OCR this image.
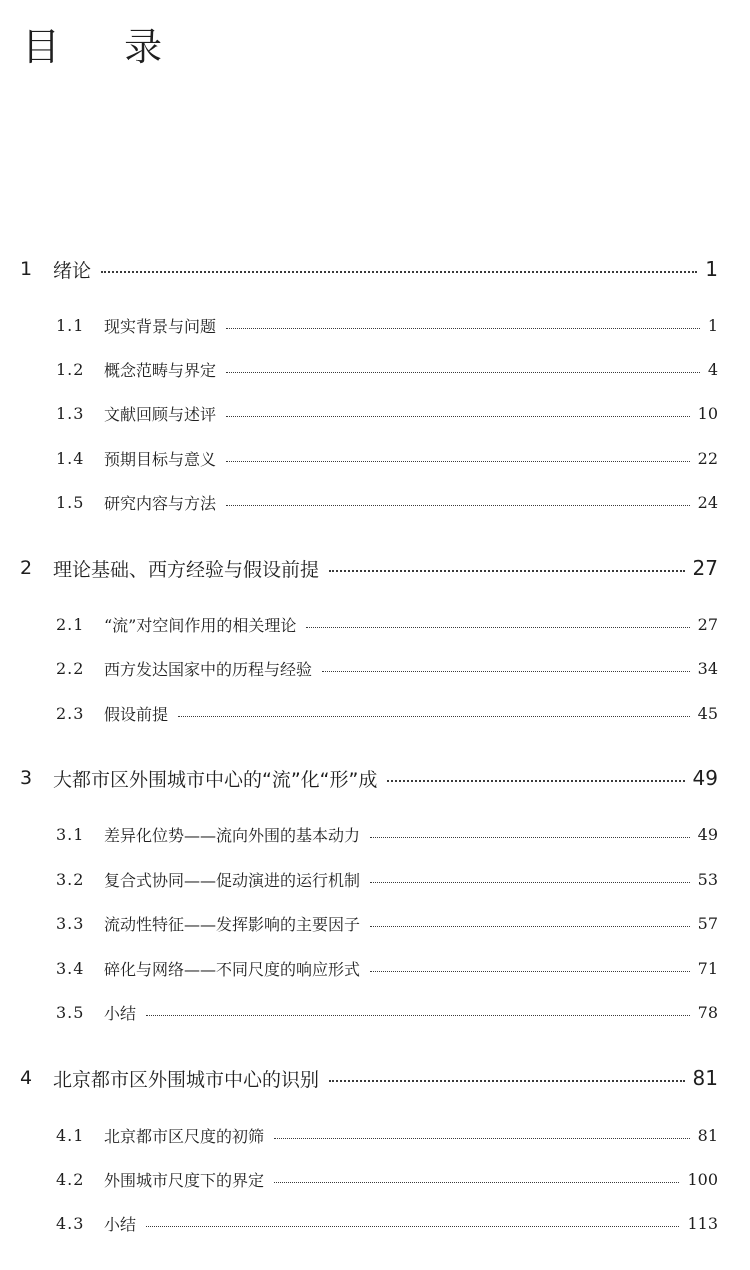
目 录
1	绪论	1
1.1	现实背景与问题	1
1.2	概念范畴与界定	4
1.3	文献回顾与述评	10
1.4	预期目标与意义	22
1.5	研究内容与方法	24
2	理论基础、西方经验与假设前提	27
2.1	“流”对空间作用的相关理论	27
2.2	西方发达国家中的历程与经验	34
2.3	假设前提	45
3	大都市区外围城市中心的“流”化“形”成	49
3.1	差异化位势——流向外围的基本动力	49
3.2	复合式协同——促动演进的运行机制	53
3.3	流动性特征——发挥影响的主要因子	57
3.4	碎化与网络——不同尺度的响应形式	71
3.5	小结	78
4	北京都市区外围城市中心的识别	81
4.1	北京都市区尺度的初筛	81
4.2	外围城市尺度下的界定	100
4.3	小结	113
